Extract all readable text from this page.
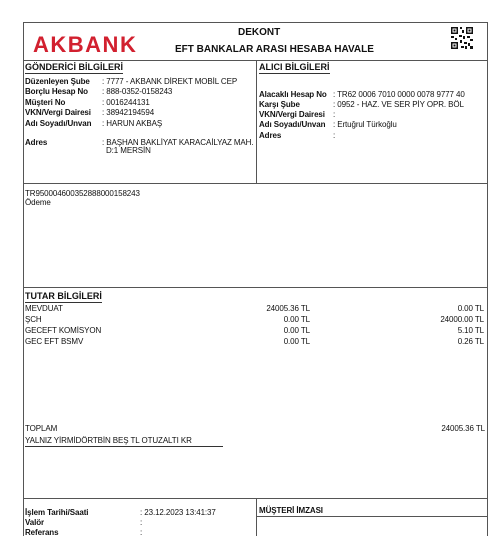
AKBANK	DEKONT
EFT BANKALAR ARASI HESABA HAVALE
GÖNDERİCİ BİLGİLERİ
Düzenleyen Şube : 7777 - AKBANK DİREKT MOBİL CEP
Borçlu Hesap No : 888-0352-0158243
Müşteri No	: 0016244131
VKN/Vergi Dairesi : 38942194594
Adı Soyadı/Unvan : HARUN AKBAŞ
Adres	: BAŞHAN BAKLİYAT KARACAİLYAZ MAH.
D:1 MERSİN
ALICI BİLGİLERİ
Alacaklı Hesap No : TR62 0006 7010 0000 0078 9777 40
Karşı Şube	: 0952 - HAZ. VE SER PİY OPR. BÖL
VKN/Vergi Dairesi :
Adı Soyadı/Unvan : Ertuğrul Türkoğlu
Adres	:
TR950004600352888000158243
Ödeme
TUTAR BİLGİLERİ
MEVDUAT	24005.36 TL	0.00 TL
ŞCH	0.00 TL	24000.00 TL
GECEFT KOMİSYON	0.00 TL	5.10 TL
GEC EFT BSMV	0.00 TL	0.26 TL
TOPLAM	24005.36 TL
YALNIZ YİRMİDÖRTBİN BEŞ TL OTUZALTI KR
İşlem Tarihi/Saati	: 23.12.2023 13:41:37
Valör	:
Referans	:
MÜŞTERİ İMZASI
